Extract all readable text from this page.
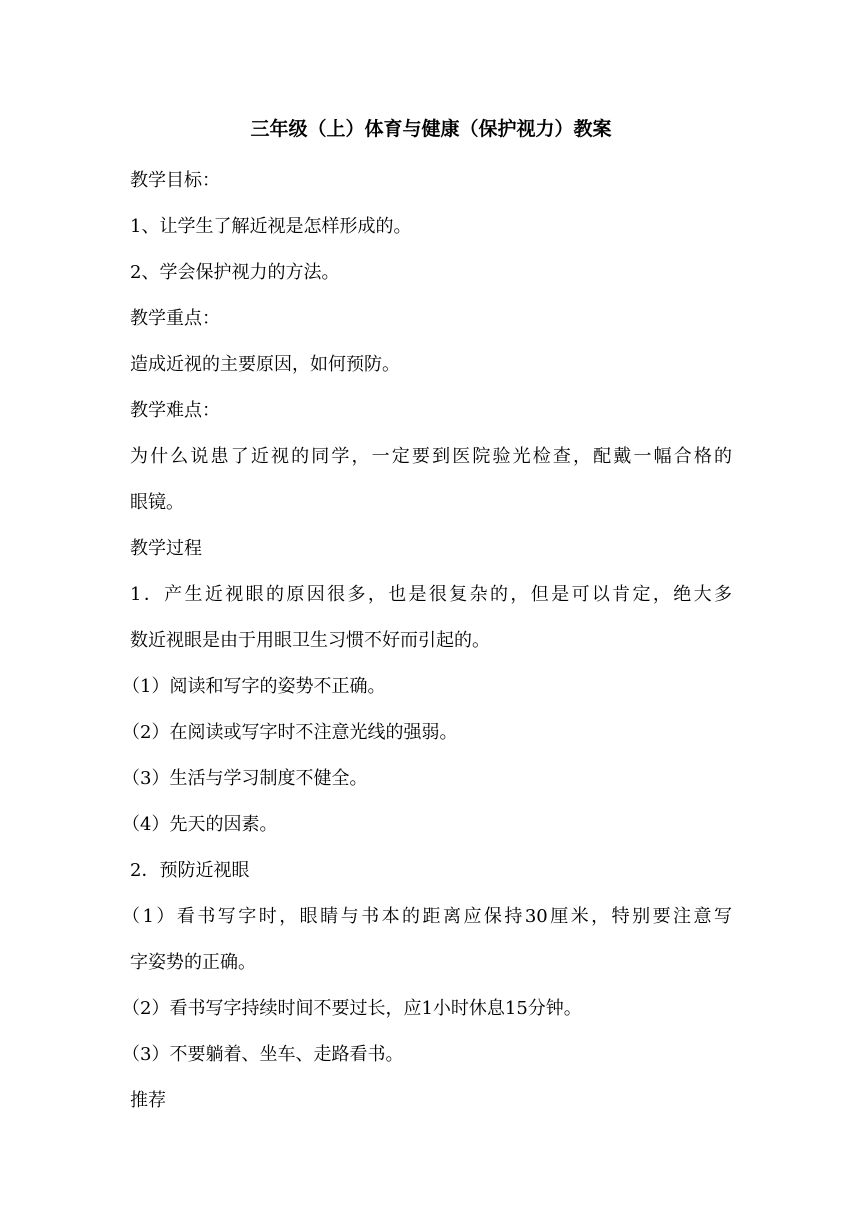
三年级（上）体育与健康（保护视力）教案
教学目标：
1、让学生了解近视是怎样形成的。
2、学会保护视力的方法。
教学重点：
造成近视的主要原因，如何预防。
教学难点：
为什么说患了近视的同学，一定要到医院验光检查，配戴一幅合格的
眼镜。
教学过程
1．产生近视眼的原因很多，也是很复杂的，但是可以肯定，绝大多
数近视眼是由于用眼卫生习惯不好而引起的。
（1）阅读和写字的姿势不正确。
（2）在阅读或写字时不注意光线的强弱。
（3）生活与学习制度不健全。
（4）先天的因素。
2．预防近视眼
（1）看书写字时，眼睛与书本的距离应保持30厘米，特别要注意写
字姿势的正确。
（2）看书写字持续时间不要过长，应1小时休息15分钟。
（3）不要躺着、坐车、走路看书。
推荐
